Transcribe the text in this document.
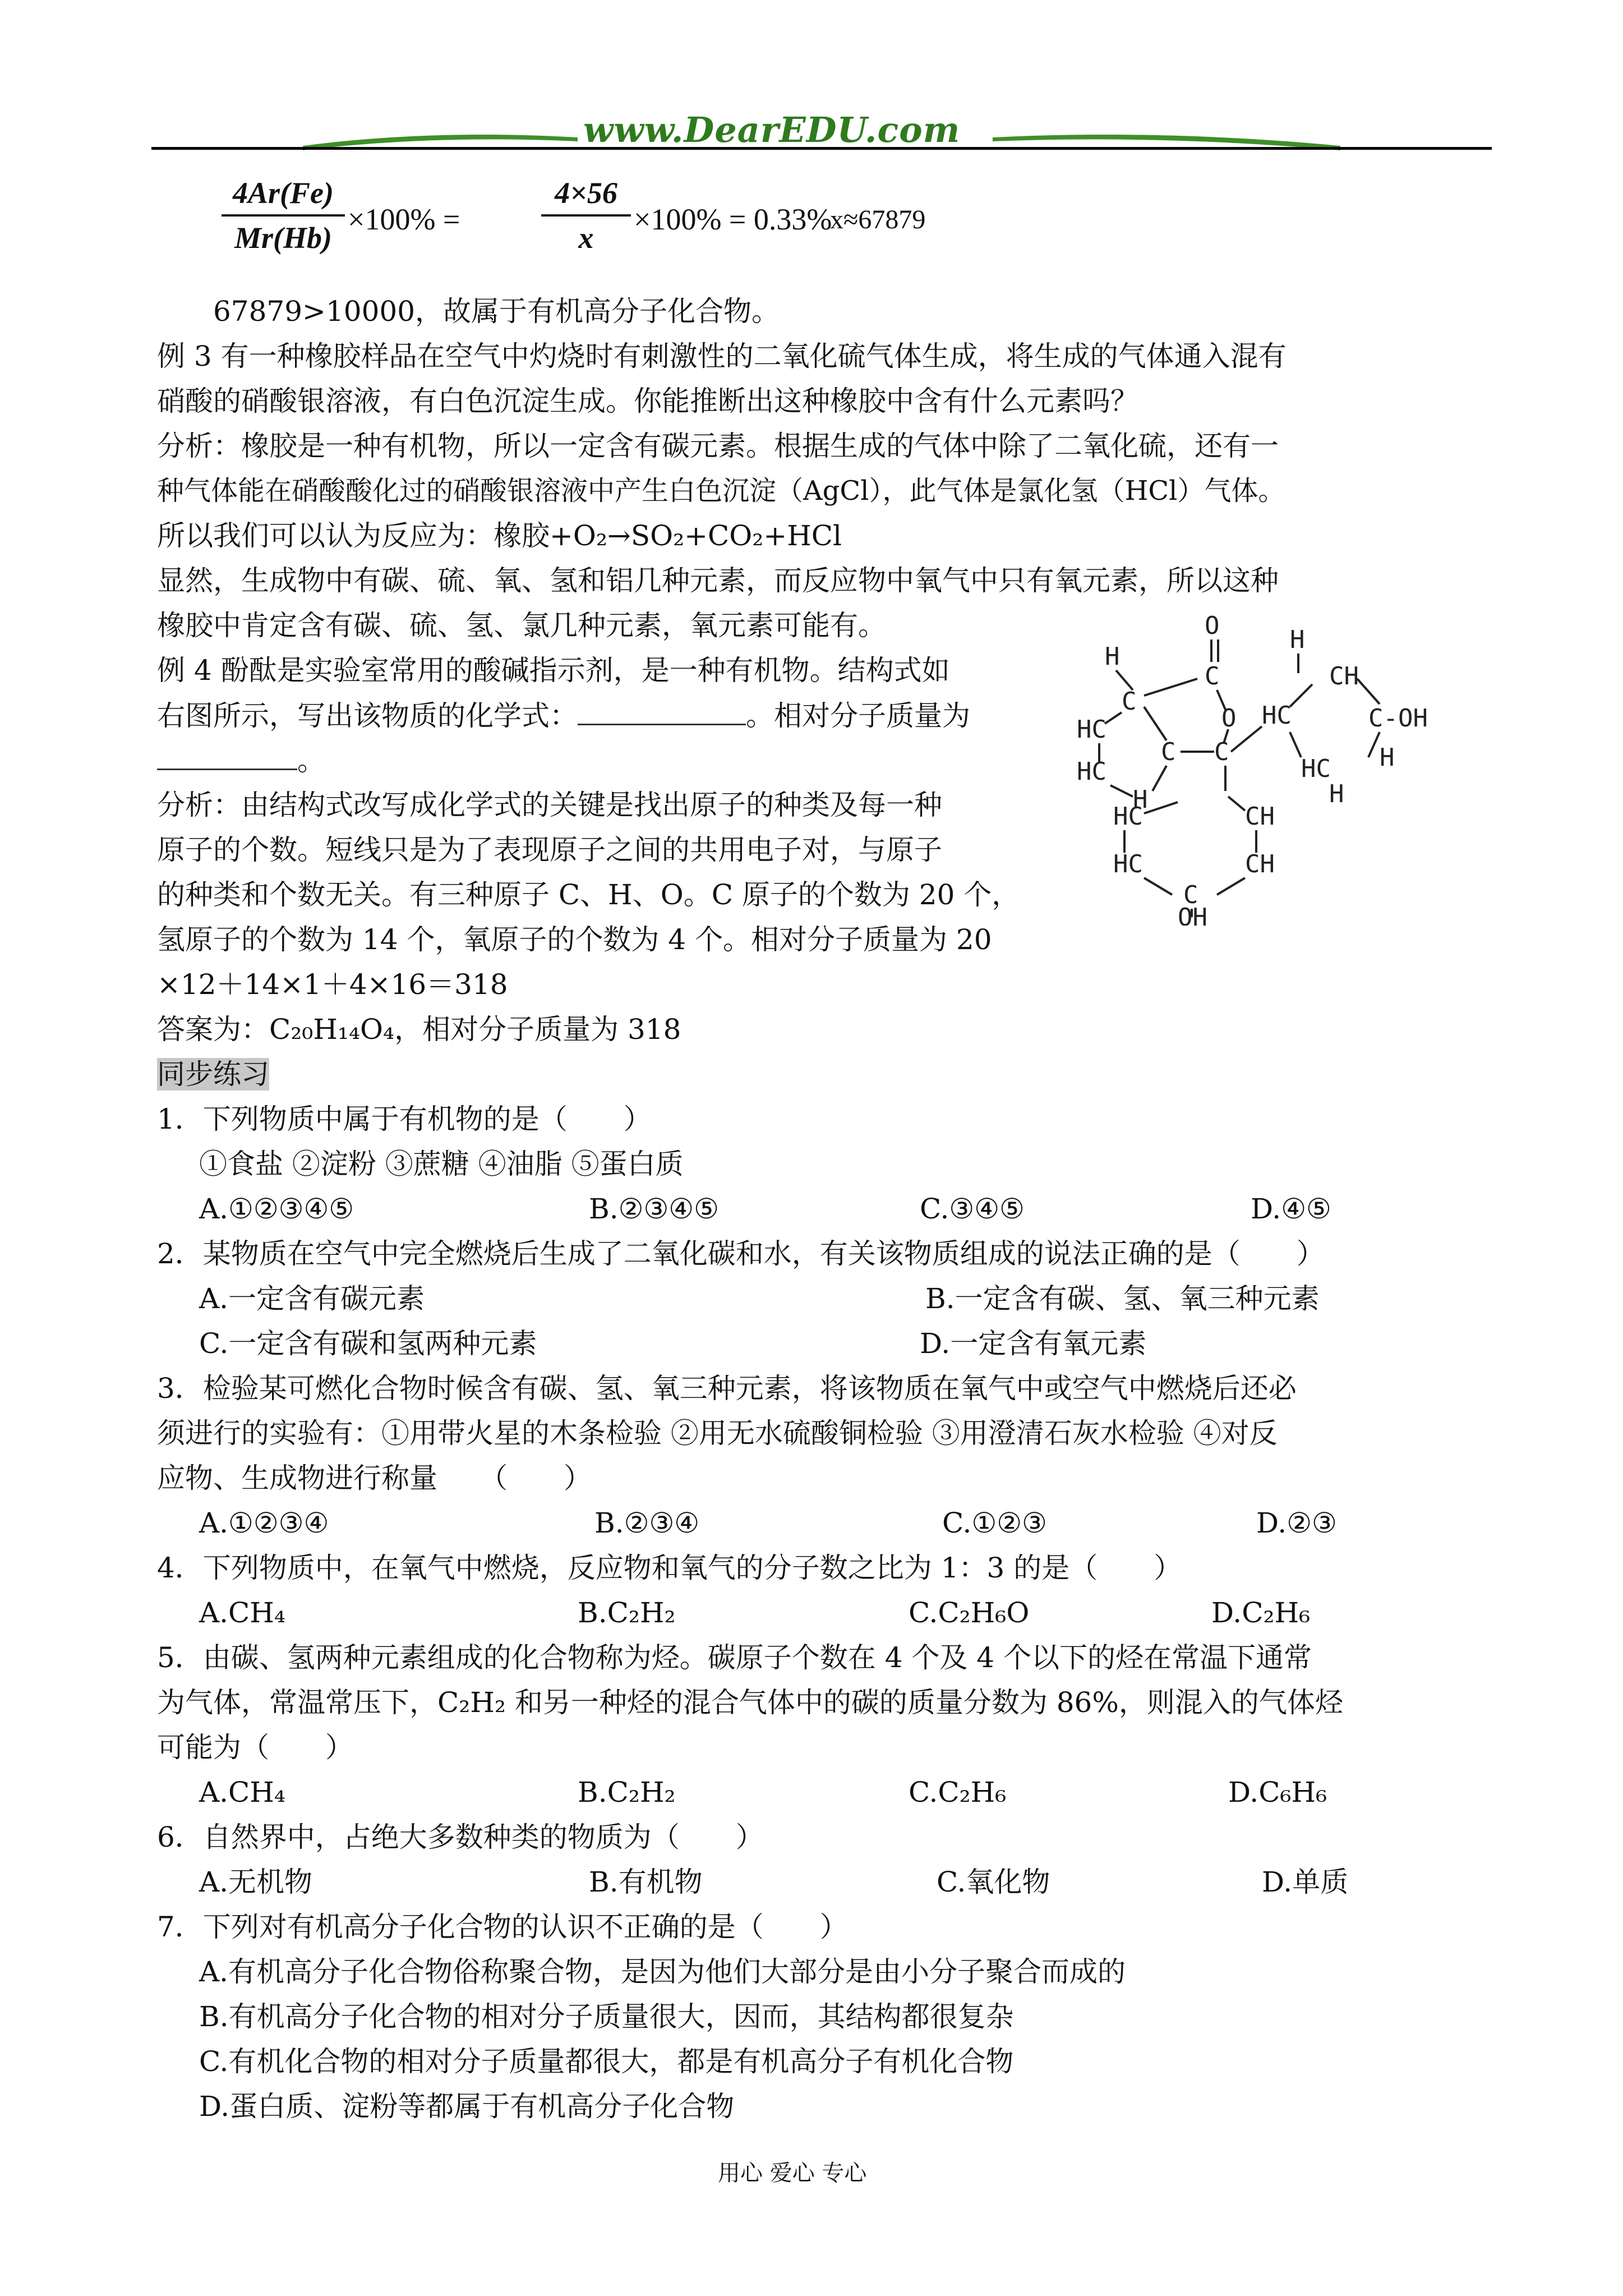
www.DearEDU.com
4Ar(Fe)
Mr(Hb)
×100% =
4×56
x
×100% = 0.33%
x≈67879
67879>10000，故属于有机高分子化合物。
例 3 有一种橡胶样品在空气中灼烧时有刺激性的二氧化硫气体生成，将生成的气体通入混有
硝酸的硝酸银溶液，有白色沉淀生成。你能推断出这种橡胶中含有什么元素吗？
分析：橡胶是一种有机物，所以一定含有碳元素。根据生成的气体中除了二氧化硫，还有一
种气体能在硝酸酸化过的硝酸银溶液中产生白色沉淀（AgCl），此气体是氯化氢（HCl）气体。
所以我们可以认为反应为：橡胶+O₂→SO₂+CO₂+HCl
显然，生成物中有碳、硫、氧、氢和铝几种元素，而反应物中氧气中只有氧元素，所以这种
橡胶中肯定含有碳、硫、氢、氯几种元素，氧元素可能有。
例 4 酚酞是实验室常用的酸碱指示剂，是一种有机物。结构式如
右图所示，写出该物质的化学式：	。相对分子质量为
。
分析：由结构式改写成化学式的关键是找出原子的种类及每一种
原子的个数。短线只是为了表现原子之间的共用电子对，与原子
的种类和个数无关。有三种原子 C、H、O。C 原子的个数为 20 个，
氢原子的个数为 14 个，氧原子的个数为 4 个。相对分子质量为 20
×12＋14×1＋4×16＝318
答案为：C₂₀H₁₄O₄，相对分子质量为 318
O
H
C
C
O
HC
C C
HC
H
H
HC
CH
C-OH
H
HC
H
HC	CH
HC	CH
C
OH
同步练习
1．下列物质中属于有机物的是（　　）
①食盐 ②淀粉 ③蔗糖 ④油脂 ⑤蛋白质
A.①②③④⑤	B.②③④⑤	C.③④⑤	D.④⑤
2．某物质在空气中完全燃烧后生成了二氧化碳和水，有关该物质组成的说法正确的是（　　）
A.一定含有碳元素	B.一定含有碳、氢、氧三种元素
C.一定含有碳和氢两种元素	D.一定含有氧元素
3．检验某可燃化合物时候含有碳、氢、氧三种元素，将该物质在氧气中或空气中燃烧后还必
须进行的实验有：①用带火星的木条检验 ②用无水硫酸铜检验 ③用澄清石灰水检验 ④对反
应物、生成物进行称量　　（　　）
A.①②③④	B.②③④	C.①②③	D.②③
4．下列物质中，在氧气中燃烧，反应物和氧气的分子数之比为 1：3 的是（　　）
A.CH₄	B.C₂H₂	C.C₂H₆O	D.C₂H₆
5．由碳、氢两种元素组成的化合物称为烃。碳原子个数在 4 个及 4 个以下的烃在常温下通常
为气体，常温常压下，C₂H₂ 和另一种烃的混合气体中的碳的质量分数为 86%，则混入的气体烃
可能为（　　）
A.CH₄	B.C₂H₂	C.C₂H₆	D.C₆H₆
6．自然界中，占绝大多数种类的物质为（　　）
A.无机物	B.有机物	C.氧化物	D.单质
7．下列对有机高分子化合物的认识不正确的是（　　）
A.有机高分子化合物俗称聚合物，是因为他们大部分是由小分子聚合而成的
B.有机高分子化合物的相对分子质量很大，因而，其结构都很复杂
C.有机化合物的相对分子质量都很大，都是有机高分子有机化合物
D.蛋白质、淀粉等都属于有机高分子化合物
用心 爱心 专心
